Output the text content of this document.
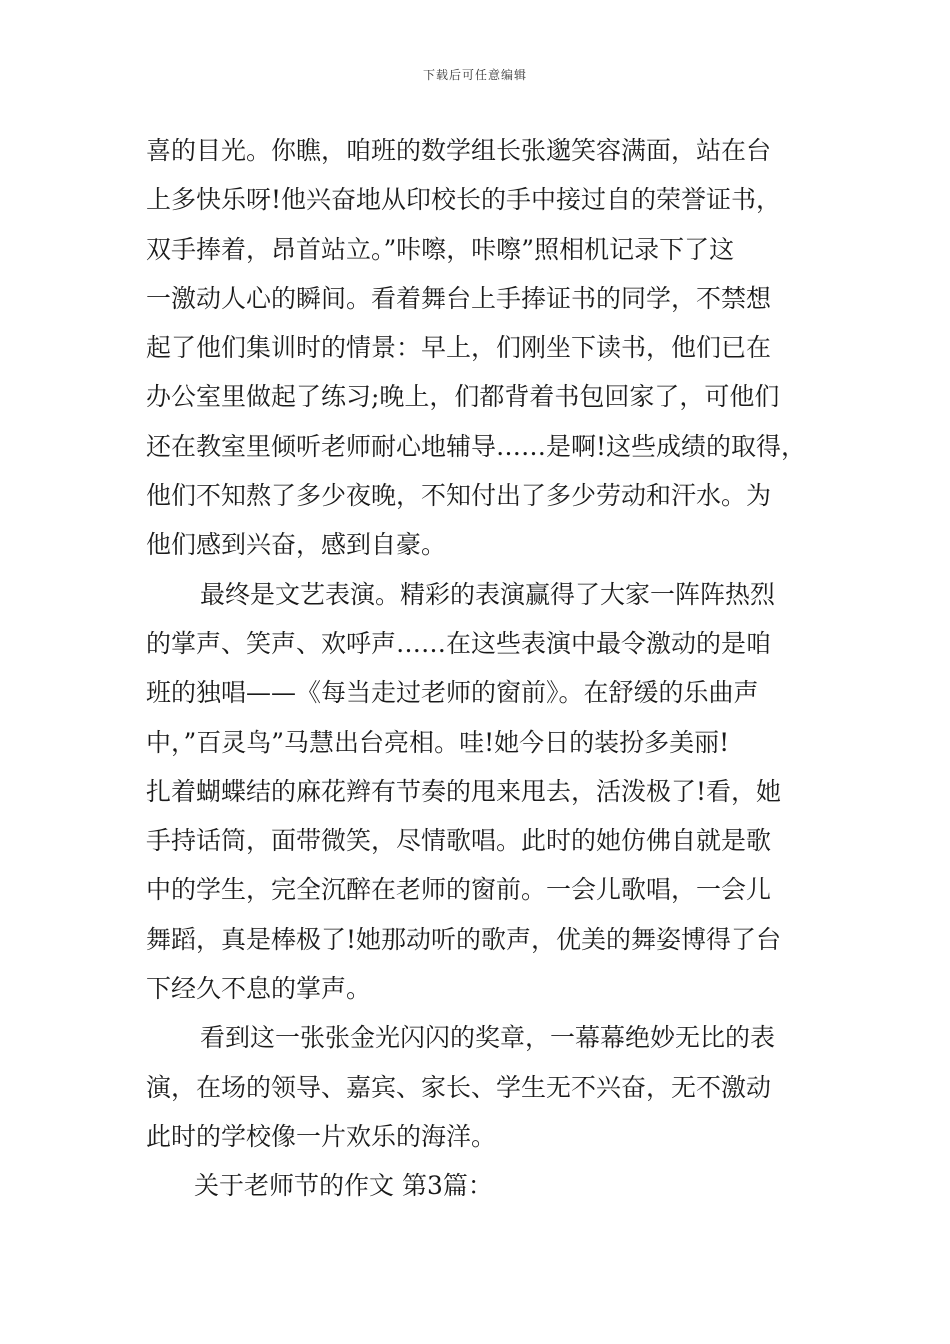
下载后可任意编辑
喜的目光。你瞧，咱班的数学组长张邈笑容满面，站在台
上多快乐呀!他兴奋地从印校长的手中接过自的荣誉证书，
双手捧着，昂首站立。”咔嚓，咔嚓”照相机记录下了这
一激动人心的瞬间。看着舞台上手捧证书的同学，不禁想
起了他们集训时的情景：早上，们刚坐下读书，他们已在
办公室里做起了练习;晚上，们都背着书包回家了，可他们
还在教室里倾听老师耐心地辅导……是啊!这些成绩的取得，
他们不知熬了多少夜晚，不知付出了多少劳动和汗水。为
他们感到兴奋，感到自豪。
最终是文艺表演。精彩的表演赢得了大家一阵阵热烈
的掌声、笑声、欢呼声……在这些表演中最令激动的是咱
班的独唱——《每当走过老师的窗前》。在舒缓的乐曲声
中，”百灵鸟”马慧出台亮相。哇!她今日的装扮多美丽!
扎着蝴蝶结的麻花辫有节奏的甩来甩去，活泼极了!看，她
手持话筒，面带微笑，尽情歌唱。此时的她仿佛自就是歌
中的学生，完全沉醉在老师的窗前。一会儿歌唱，一会儿
舞蹈，真是棒极了!她那动听的歌声，优美的舞姿博得了台
下经久不息的掌声。
看到这一张张金光闪闪的奖章，一幕幕绝妙无比的表
演，在场的领导、嘉宾、家长、学生无不兴奋，无不激动
此时的学校像一片欢乐的海洋。
关于老师节的作文 第3篇：
